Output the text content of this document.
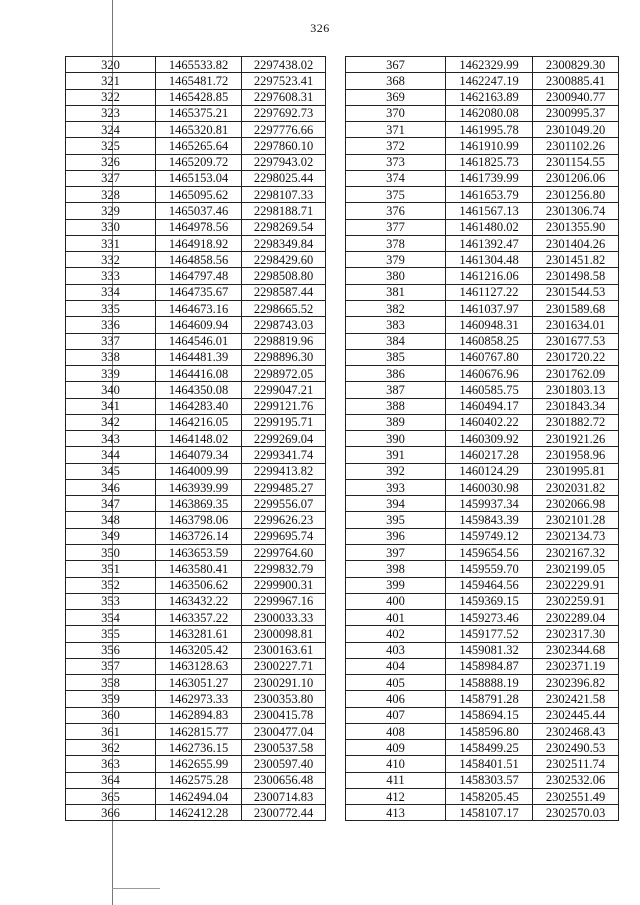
326
320	1465533.82	2297438.02
321	1465481.72	2297523.41
322	1465428.85	2297608.31
323	1465375.21	2297692.73
324	1465320.81	2297776.66
325	1465265.64	2297860.10
326	1465209.72	2297943.02
327	1465153.04	2298025.44
328	1465095.62	2298107.33
329	1465037.46	2298188.71
330	1464978.56	2298269.54
331	1464918.92	2298349.84
332	1464858.56	2298429.60
333	1464797.48	2298508.80
334	1464735.67	2298587.44
335	1464673.16	2298665.52
336	1464609.94	2298743.03
337	1464546.01	2298819.96
338	1464481.39	2298896.30
339	1464416.08	2298972.05
340	1464350.08	2299047.21
341	1464283.40	2299121.76
342	1464216.05	2299195.71
343	1464148.02	2299269.04
344	1464079.34	2299341.74
345	1464009.99	2299413.82
346	1463939.99	2299485.27
347	1463869.35	2299556.07
348	1463798.06	2299626.23
349	1463726.14	2299695.74
350	1463653.59	2299764.60
351	1463580.41	2299832.79
352	1463506.62	2299900.31
353	1463432.22	2299967.16
354	1463357.22	2300033.33
355	1463281.61	2300098.81
356	1463205.42	2300163.61
357	1463128.63	2300227.71
358	1463051.27	2300291.10
359	1462973.33	2300353.80
360	1462894.83	2300415.78
361	1462815.77	2300477.04
362	1462736.15	2300537.58
363	1462655.99	2300597.40
364	1462575.28	2300656.48
365	1462494.04	2300714.83
366	1462412.28	2300772.44
367	1462329.99	2300829.30
368	1462247.19	2300885.41
369	1462163.89	2300940.77
370	1462080.08	2300995.37
371	1461995.78	2301049.20
372	1461910.99	2301102.26
373	1461825.73	2301154.55
374	1461739.99	2301206.06
375	1461653.79	2301256.80
376	1461567.13	2301306.74
377	1461480.02	2301355.90
378	1461392.47	2301404.26
379	1461304.48	2301451.82
380	1461216.06	2301498.58
381	1461127.22	2301544.53
382	1461037.97	2301589.68
383	1460948.31	2301634.01
384	1460858.25	2301677.53
385	1460767.80	2301720.22
386	1460676.96	2301762.09
387	1460585.75	2301803.13
388	1460494.17	2301843.34
389	1460402.22	2301882.72
390	1460309.92	2301921.26
391	1460217.28	2301958.96
392	1460124.29	2301995.81
393	1460030.98	2302031.82
394	1459937.34	2302066.98
395	1459843.39	2302101.28
396	1459749.12	2302134.73
397	1459654.56	2302167.32
398	1459559.70	2302199.05
399	1459464.56	2302229.91
400	1459369.15	2302259.91
401	1459273.46	2302289.04
402	1459177.52	2302317.30
403	1459081.32	2302344.68
404	1458984.87	2302371.19
405	1458888.19	2302396.82
406	1458791.28	2302421.58
407	1458694.15	2302445.44
408	1458596.80	2302468.43
409	1458499.25	2302490.53
410	1458401.51	2302511.74
411	1458303.57	2302532.06
412	1458205.45	2302551.49
413	1458107.17	2302570.03
